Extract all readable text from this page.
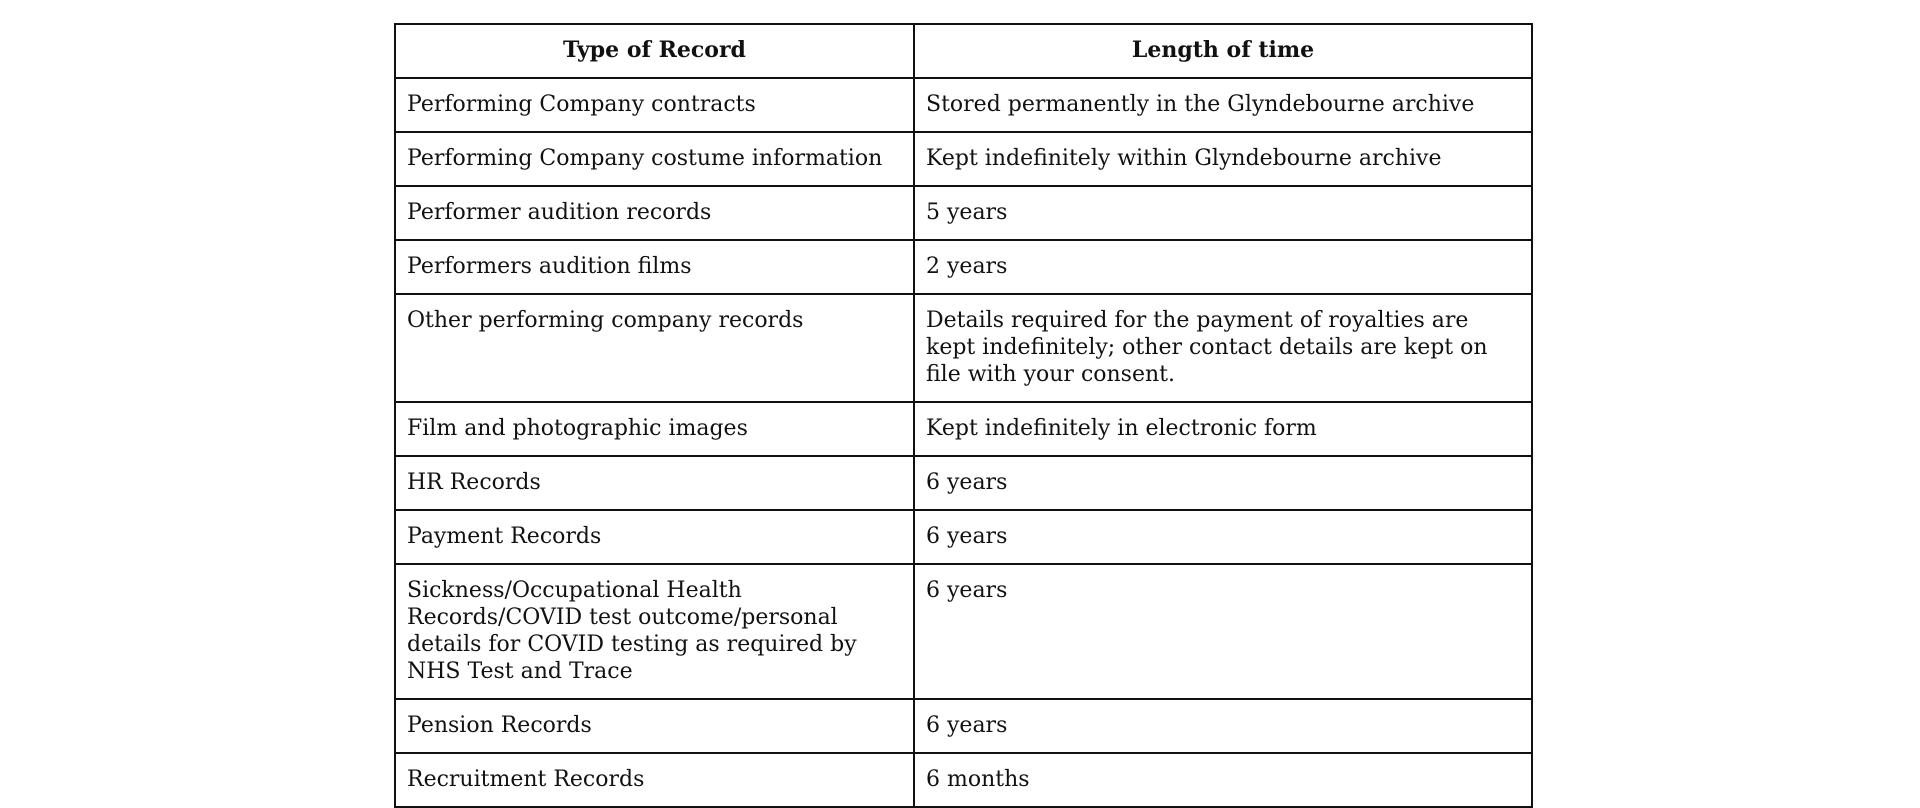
Type of Record	Length of time
Performing Company contracts	Stored permanently in the Glyndebourne archive
Performing Company costume information	Kept indefinitely within Glyndebourne archive
Performer audition records	5 years
Performers audition films	2 years
Other performing company records	Details required for the payment of royalties are kept indefinitely; other contact details are kept on file with your consent.
Film and photographic images	Kept indefinitely in electronic form
HR Records	6 years
Payment Records	6 years
Sickness/Occupational Health Records/COVID test outcome/personal details for COVID testing as required by NHS Test and Trace	6 years
Pension Records	6 years
Recruitment Records	6 months
